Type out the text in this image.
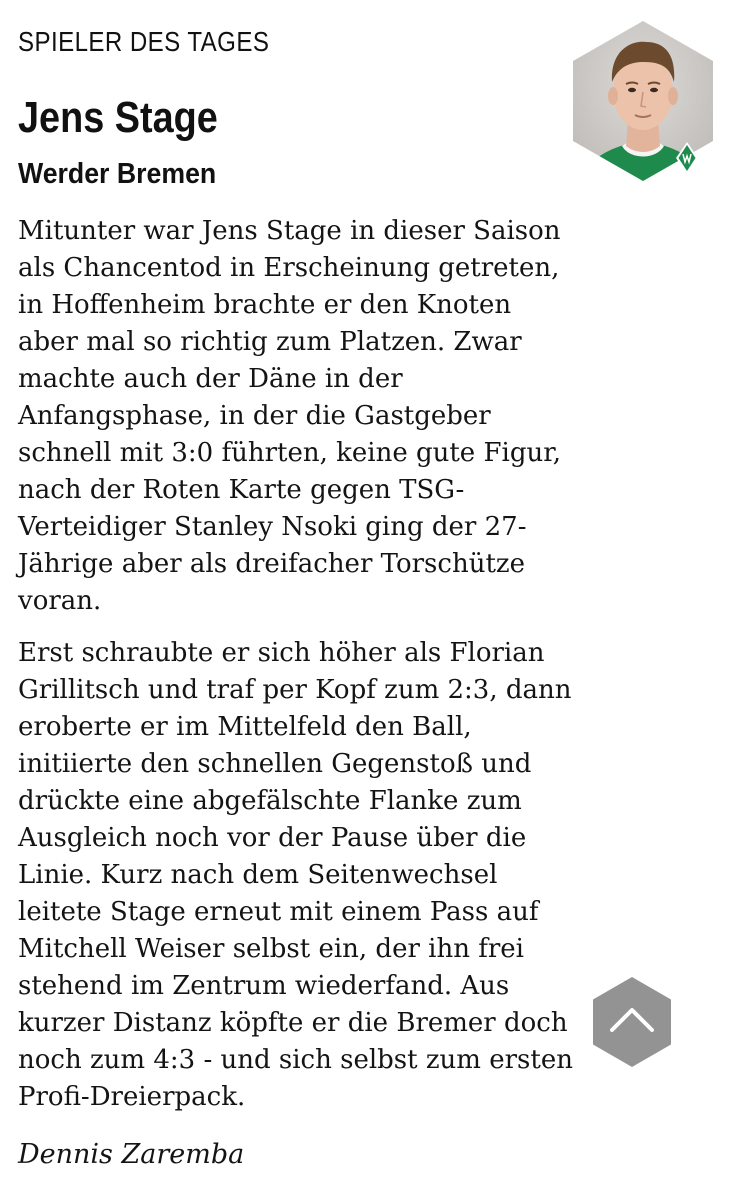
SPIELER DES TAGES
Jens Stage
Werder Bremen

Mitunter war Jens Stage in dieser Saison
als Chancentod in Erscheinung getreten,
in Hoffenheim brachte er den Knoten
aber mal so richtig zum Platzen. Zwar
machte auch der Däne in der
Anfangsphase, in der die Gastgeber
schnell mit 3:0 führten, keine gute Figur,
nach der Roten Karte gegen TSG-
Verteidiger Stanley Nsoki ging der 27-
Jährige aber als dreifacher Torschütze
voran.

Erst schraubte er sich höher als Florian
Grillitsch und traf per Kopf zum 2:3, dann
eroberte er im Mittelfeld den Ball,
initiierte den schnellen Gegenstoß und
drückte eine abgefälschte Flanke zum
Ausgleich noch vor der Pause über die
Linie. Kurz nach dem Seitenwechsel
leitete Stage erneut mit einem Pass auf
Mitchell Weiser selbst ein, der ihn frei
stehend im Zentrum wiederfand. Aus
kurzer Distanz köpfte er die Bremer doch
noch zum 4:3 - und sich selbst zum ersten
Profi-Dreierpack.

Dennis Zaremba
